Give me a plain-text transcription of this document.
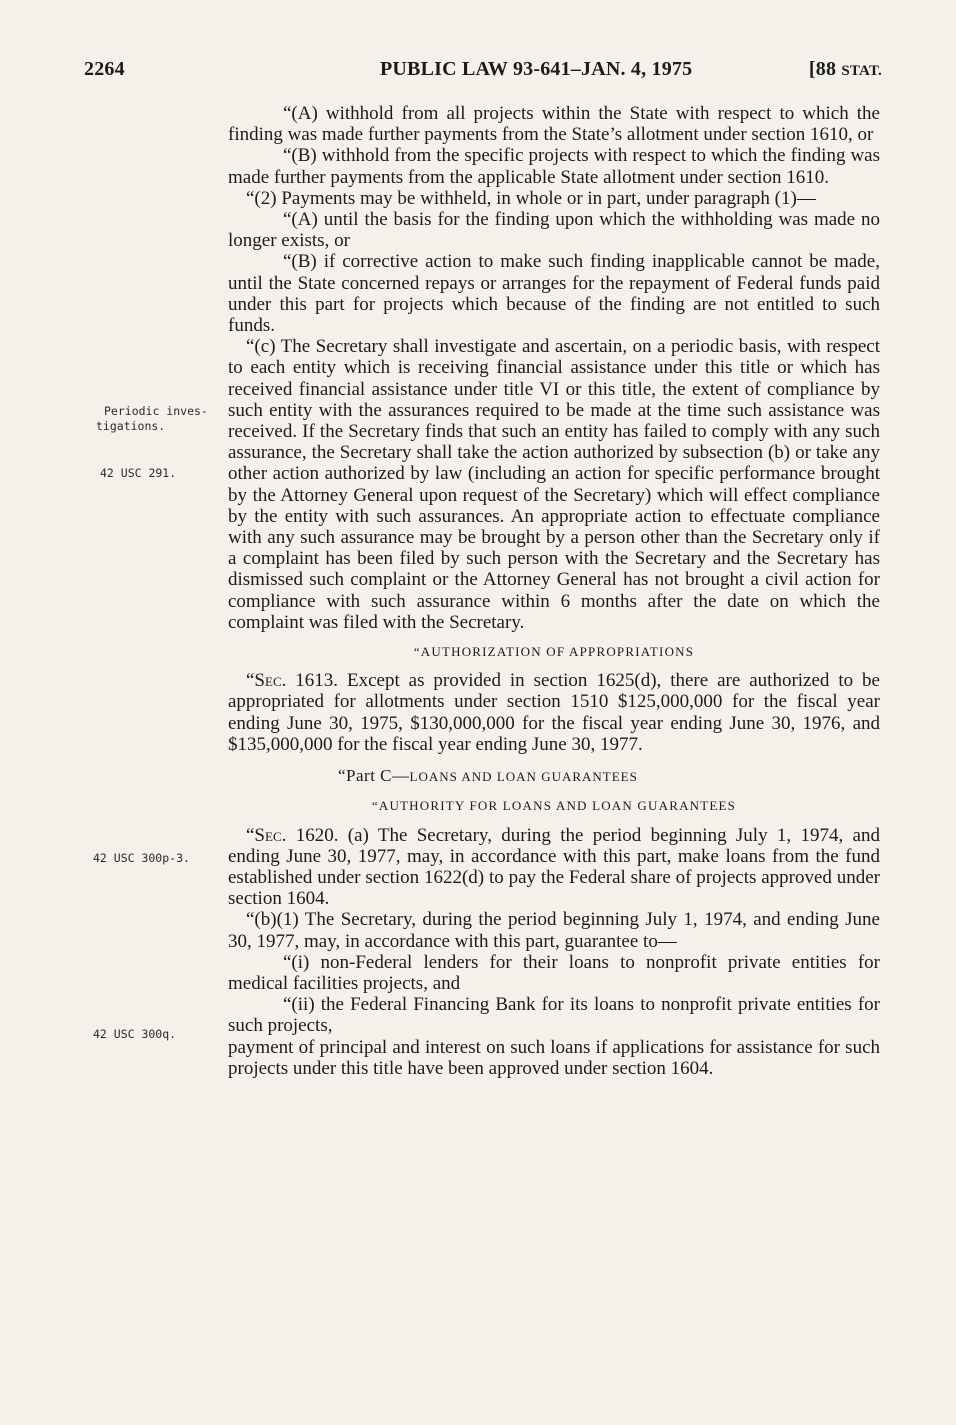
2264	PUBLIC LAW 93-641–JAN. 4, 1975	[88 STAT.
Periodic inves-
tigations.
42 USC 291.
42 USC 300p-3.
42 USC 300q.

“(A) withhold from all projects within the State with respect to which the finding was made further payments from the State’s allotment under section 1610, or

“(B) withhold from the specific projects with respect to which the finding was made further payments from the applicable State allotment under section 1610.

“(2) Payments may be withheld, in whole or in part, under paragraph (1)—

“(A) until the basis for the finding upon which the withholding was made no longer exists, or

“(B) if corrective action to make such finding inapplicable cannot be made, until the State concerned repays or arranges for the repayment of Federal funds paid under this part for projects which because of the finding are not entitled to such funds.

“(c) The Secretary shall investigate and ascertain, on a periodic basis, with respect to each entity which is receiving financial assistance under this title or which has received financial assistance under title VI or this title, the extent of compliance by such entity with the assurances required to be made at the time such assistance was received. If the Secretary finds that such an entity has failed to comply with any such assurance, the Secretary shall take the action authorized by subsection (b) or take any other action authorized by law (including an action for specific performance brought by the Attorney General upon request of the Secretary) which will effect compliance by the entity with such assurances. An appropriate action to effectuate compliance with any such assurance may be brought by a person other than the Secretary only if a complaint has been filed by such person with the Secretary and the Secretary has dismissed such complaint or the Attorney General has not brought a civil action for compliance with such assurance within 6 months after the date on which the complaint was filed with the Secretary.

“AUTHORIZATION OF APPROPRIATIONS

“Sec. 1613. Except as provided in section 1625(d), there are authorized to be appropriated for allotments under section 1510 $125,000,000 for the fiscal year ending June 30, 1975, $130,000,000 for the fiscal year ending June 30, 1976, and $135,000,000 for the fiscal year ending June 30, 1977.

“Part C—LOANS AND LOAN GUARANTEES

“AUTHORITY FOR LOANS AND LOAN GUARANTEES

“Sec. 1620. (a) The Secretary, during the period beginning July 1, 1974, and ending June 30, 1977, may, in accordance with this part, make loans from the fund established under section 1622(d) to pay the Federal share of projects approved under section 1604.

“(b)(1) The Secretary, during the period beginning July 1, 1974, and ending June 30, 1977, may, in accordance with this part, guarantee to—

“(i) non-Federal lenders for their loans to nonprofit private entities for medical facilities projects, and

“(ii) the Federal Financing Bank for its loans to nonprofit private entities for such projects,

payment of principal and interest on such loans if applications for assistance for such projects under this title have been approved under section 1604.
